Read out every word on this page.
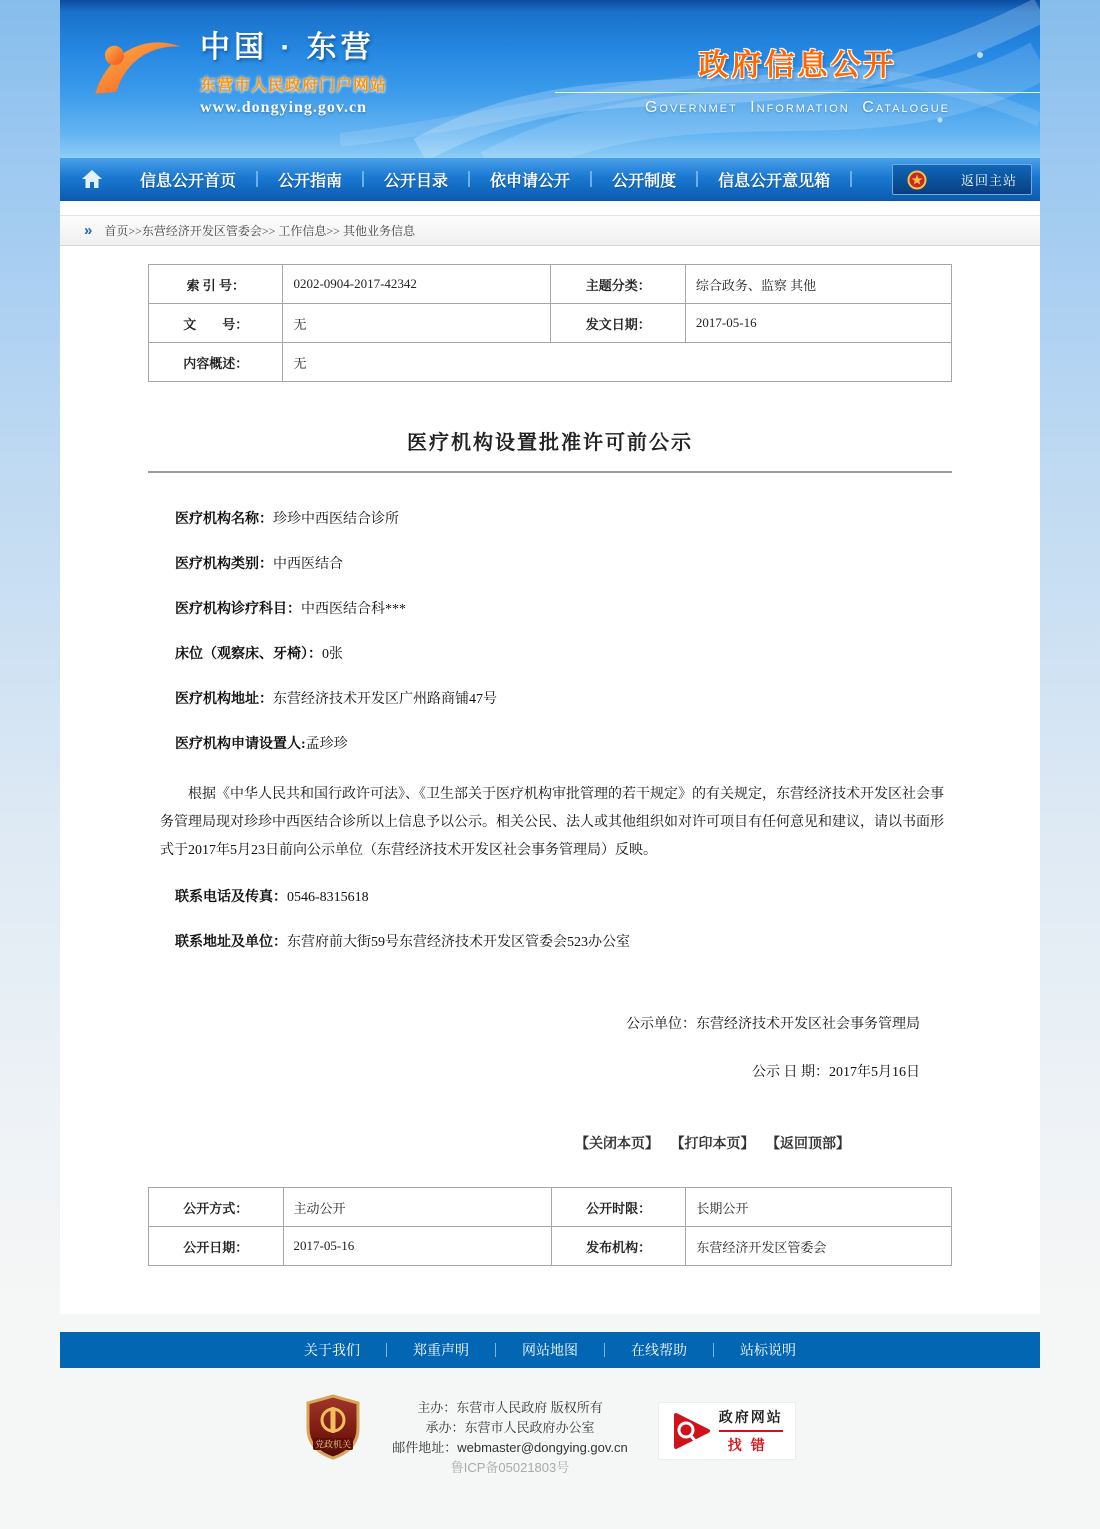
中国 · 东营
东营市人民政府门户网站
www.dongying.gov.cn
政府信息公开
Governmet Information Catalogue
信息公开首页	公开指南	公开目录	依申请公开	公开制度	信息公开意见箱	返回主站
» 首页>>东营经济开发区管委会>> 工作信息>> 其他业务信息
索 引 号：	0202-0904-2017-42342	主题分类：	综合政务、监察 其他
文　　号：	无	发文日期：	2017-05-16
内容概述：	无		
医疗机构设置批准许可前公示

医疗机构名称：珍珍中西医结合诊所

医疗机构类别：中西医结合

医疗机构诊疗科目：中西医结合科***

床位（观察床、牙椅）：0张

医疗机构地址：东营经济技术开发区广州路商铺47号

医疗机构申请设置人:孟珍珍

根据《中华人民共和国行政许可法》、《卫生部关于医疗机构审批管理的若干规定》的有关规定，东营经济技术开发区社会事务管理局现对珍珍中西医结合诊所以上信息予以公示。相关公民、法人或其他组织如对许可项目有任何意见和建议，请以书面形式于2017年5月23日前向公示单位（东营经济技术开发区社会事务管理局）反映。

联系电话及传真：0546-8315618

联系地址及单位：东营府前大街59号东营经济技术开发区管委会523办公室

公示单位：东营经济技术开发区社会事务管理局

公示 日 期：2017年5月16日

【关闭本页】 【打印本页】 【返回顶部】
公开方式：	主动公开	公开时限：	长期公开
公开日期：	2017-05-16	发布机构：	东营经济开发区管委会
关于我们	郑重声明	网站地图	在线帮助	站标说明
党政机关
主办：东营市人民政府 版权所有
承办：东营市人民政府办公室
邮件地址：webmaster@dongying.gov.cn
鲁ICP备05021803号
政府网站
找错
